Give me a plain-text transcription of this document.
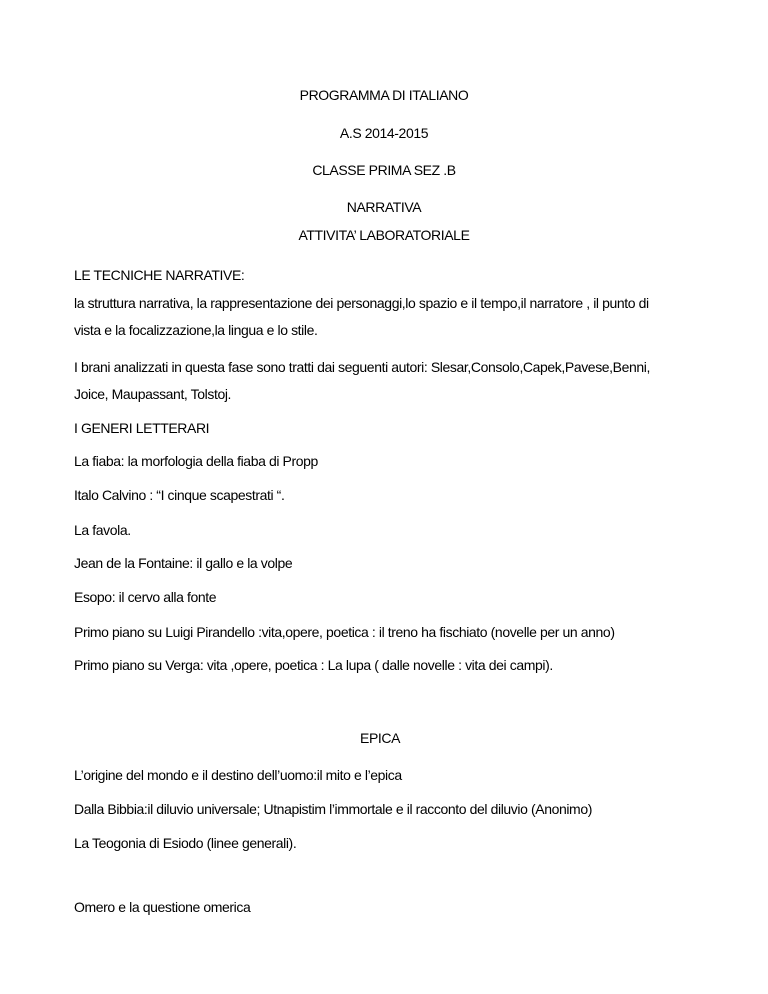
PROGRAMMA DI ITALIANO
A.S 2014-2015
CLASSE PRIMA SEZ .B
NARRATIVA
ATTIVITA’ LABORATORIALE
LE TECNICHE NARRATIVE:
la struttura narrativa, la rappresentazione dei personaggi,lo spazio e il tempo,il narratore , il punto di
vista e la focalizzazione,la lingua e lo stile.
I brani analizzati in questa fase sono tratti dai seguenti autori: Slesar,Consolo,Capek,Pavese,Benni,
Joice, Maupassant, Tolstoj.
I GENERI LETTERARI
La fiaba: la morfologia della fiaba di Propp
Italo Calvino : “I cinque scapestrati “.
La favola.
Jean de la Fontaine: il gallo e la volpe
Esopo: il cervo alla fonte
Primo piano su Luigi Pirandello :vita,opere, poetica : il treno ha fischiato (novelle per un anno)
Primo piano su Verga: vita ,opere, poetica : La lupa ( dalle novelle : vita dei campi).
EPICA
L’origine del mondo e il destino dell’uomo:il mito e l’epica
Dalla Bibbia:il diluvio universale; Utnapistim l’immortale e il racconto del diluvio (Anonimo)
La Teogonia di Esiodo (linee generali).
Omero e la questione omerica
